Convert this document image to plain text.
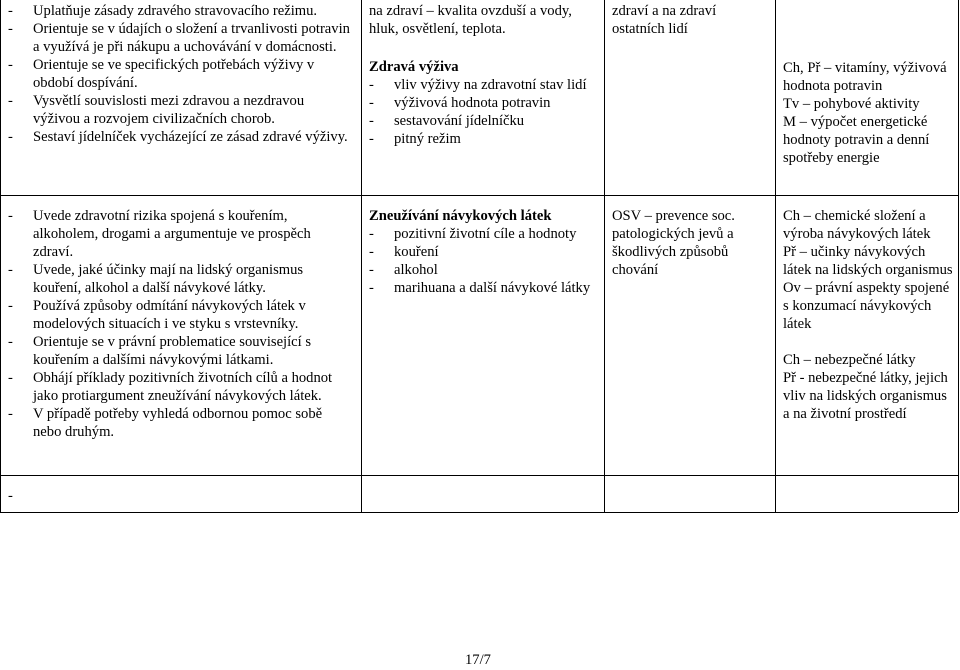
- Uplatňuje zásady zdravého stravovacího režimu.
- Orientuje se v údajích o složení a trvanlivosti potravin a využívá je při nákupu a uchovávání v domácnosti.
- Orientuje se ve specifických potřebách výživy v období dospívání.
- Vysvětlí souvislosti mezi zdravou a nezdravou výživou a rozvojem civilizačních chorob.
- Sestaví jídelníček vycházející ze zásad zdravé výživy.
na zdraví – kvalita ovzduší a vody, hluk, osvětlení, teplota.
Zdravá výživa
- vliv výživy na zdravotní stav lidí
- výživová hodnota potravin
- sestavování jídelníčku
- pitný režim
zdraví a na zdraví ostatních lidí
Ch, Př – vitamíny, výživová hodnota potravin
Tv – pohybové aktivity
M – výpočet energetické hodnoty potravin a denní spotřeby energie
- Uvede zdravotní rizika spojená s kouřením, alkoholem, drogami a argumentuje ve prospěch zdraví.
- Uvede, jaké účinky mají na lidský organismus kouření, alkohol a další návykové látky.
- Používá způsoby odmítání návykových látek v modelových situacích i ve styku s vrstevníky.
- Orientuje se v právní problematice související s kouřením a dalšími návykovými látkami.
- Obhájí příklady pozitivních životních cílů a hodnot jako protiargument zneužívání návykových látek.
- V případě potřeby vyhledá odbornou pomoc sobě nebo druhým.
Zneužívání návykových látek
- pozitivní životní cíle a hodnoty
- kouření
- alkohol
- marihuana a další návykové látky
OSV – prevence soc. patologických jevů a škodlivých způsobů chování
Ch – chemické složení a výroba návykových látek
Př – učinky návykových látek na lidských organismus
Ov – právní aspekty spojené s konzumací návykových látek
Ch – nebezpečné látky
Př - nebezpečné látky, jejich vliv na lidských organismus a na životní prostředí
-
17/7
